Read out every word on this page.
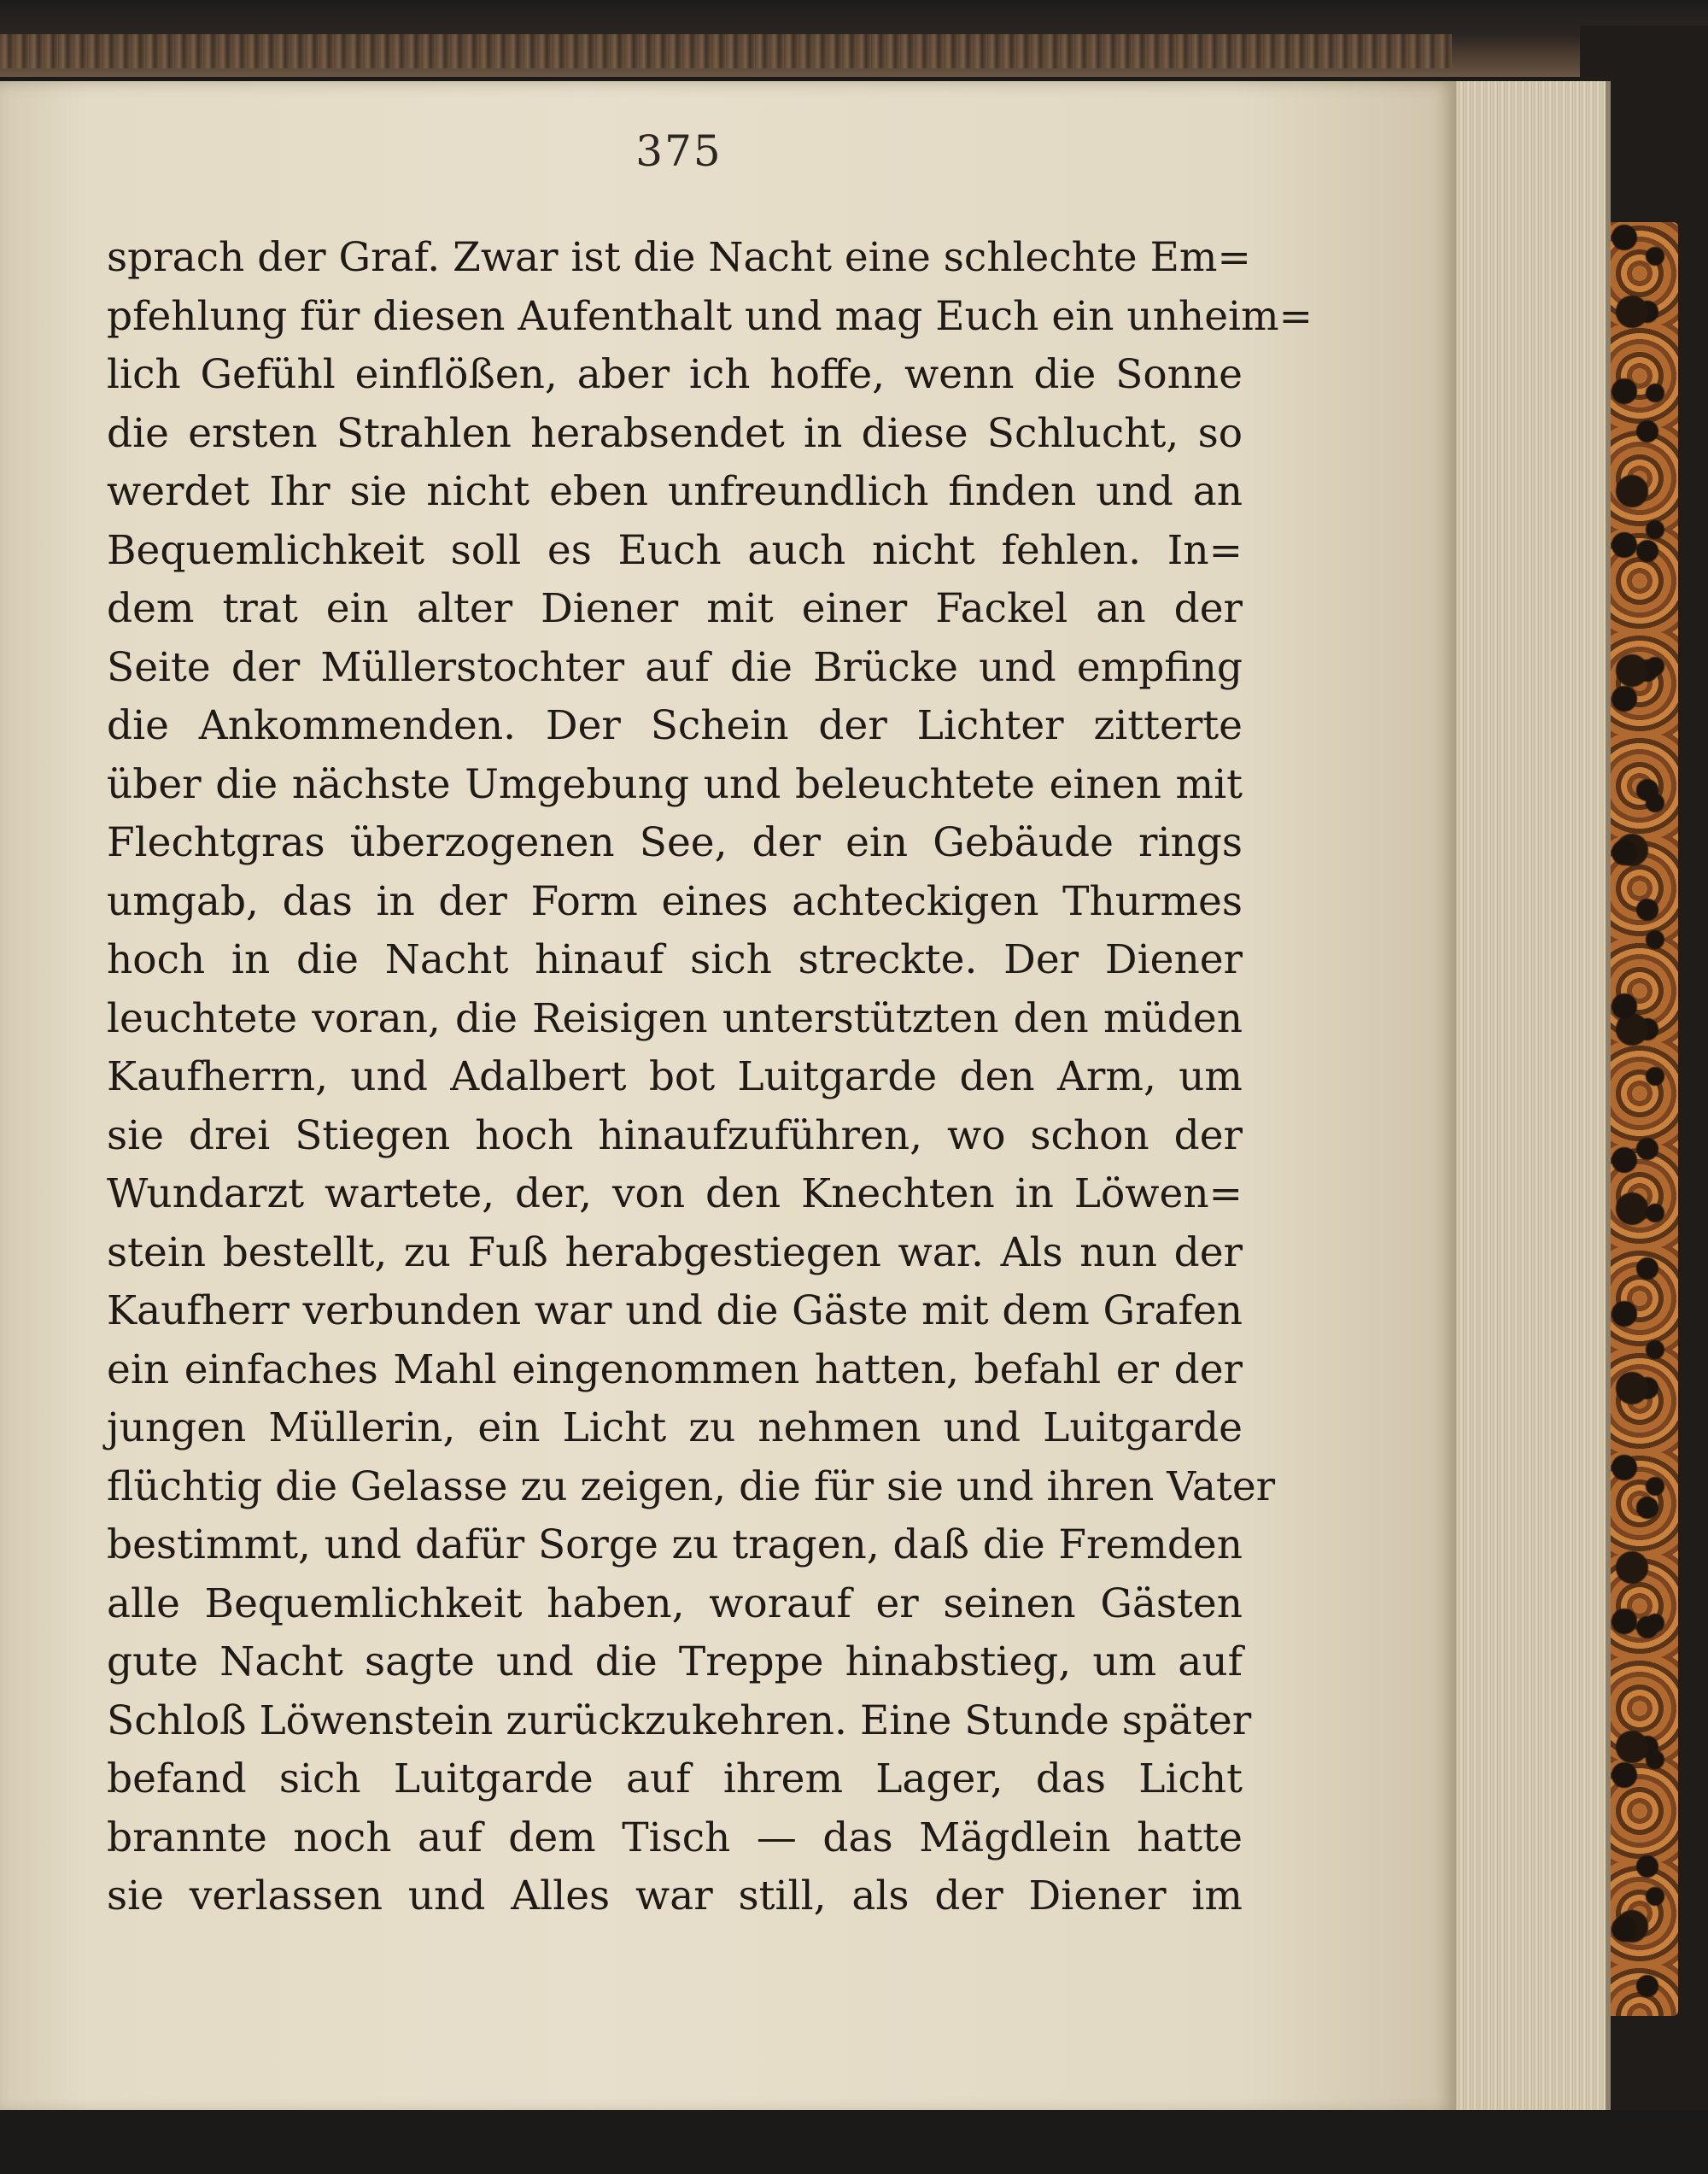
375
sprach der Graf. Zwar ist die Nacht eine schlechte Em=
pfehlung für diesen Aufenthalt und mag Euch ein unheim=
lich Gefühl einflößen, aber ich hoffe, wenn die Sonne
die ersten Strahlen herabsendet in diese Schlucht, so
werdet Ihr sie nicht eben unfreundlich finden und an
Bequemlichkeit soll es Euch auch nicht fehlen. In=
dem trat ein alter Diener mit einer Fackel an der
Seite der Müllerstochter auf die Brücke und empfing
die Ankommenden. Der Schein der Lichter zitterte
über die nächste Umgebung und beleuchtete einen mit
Flechtgras überzogenen See, der ein Gebäude rings
umgab, das in der Form eines achteckigen Thurmes
hoch in die Nacht hinauf sich streckte. Der Diener
leuchtete voran, die Reisigen unterstützten den müden
Kaufherrn, und Adalbert bot Luitgarde den Arm, um
sie drei Stiegen hoch hinaufzuführen, wo schon der
Wundarzt wartete, der, von den Knechten in Löwen=
stein bestellt, zu Fuß herabgestiegen war. Als nun der
Kaufherr verbunden war und die Gäste mit dem Grafen
ein einfaches Mahl eingenommen hatten, befahl er der
jungen Müllerin, ein Licht zu nehmen und Luitgarde
flüchtig die Gelasse zu zeigen, die für sie und ihren Vater
bestimmt, und dafür Sorge zu tragen, daß die Fremden
alle Bequemlichkeit haben, worauf er seinen Gästen
gute Nacht sagte und die Treppe hinabstieg, um auf
Schloß Löwenstein zurückzukehren. Eine Stunde später
befand sich Luitgarde auf ihrem Lager, das Licht
brannte noch auf dem Tisch — das Mägdlein hatte
sie verlassen und Alles war still, als der Diener im
